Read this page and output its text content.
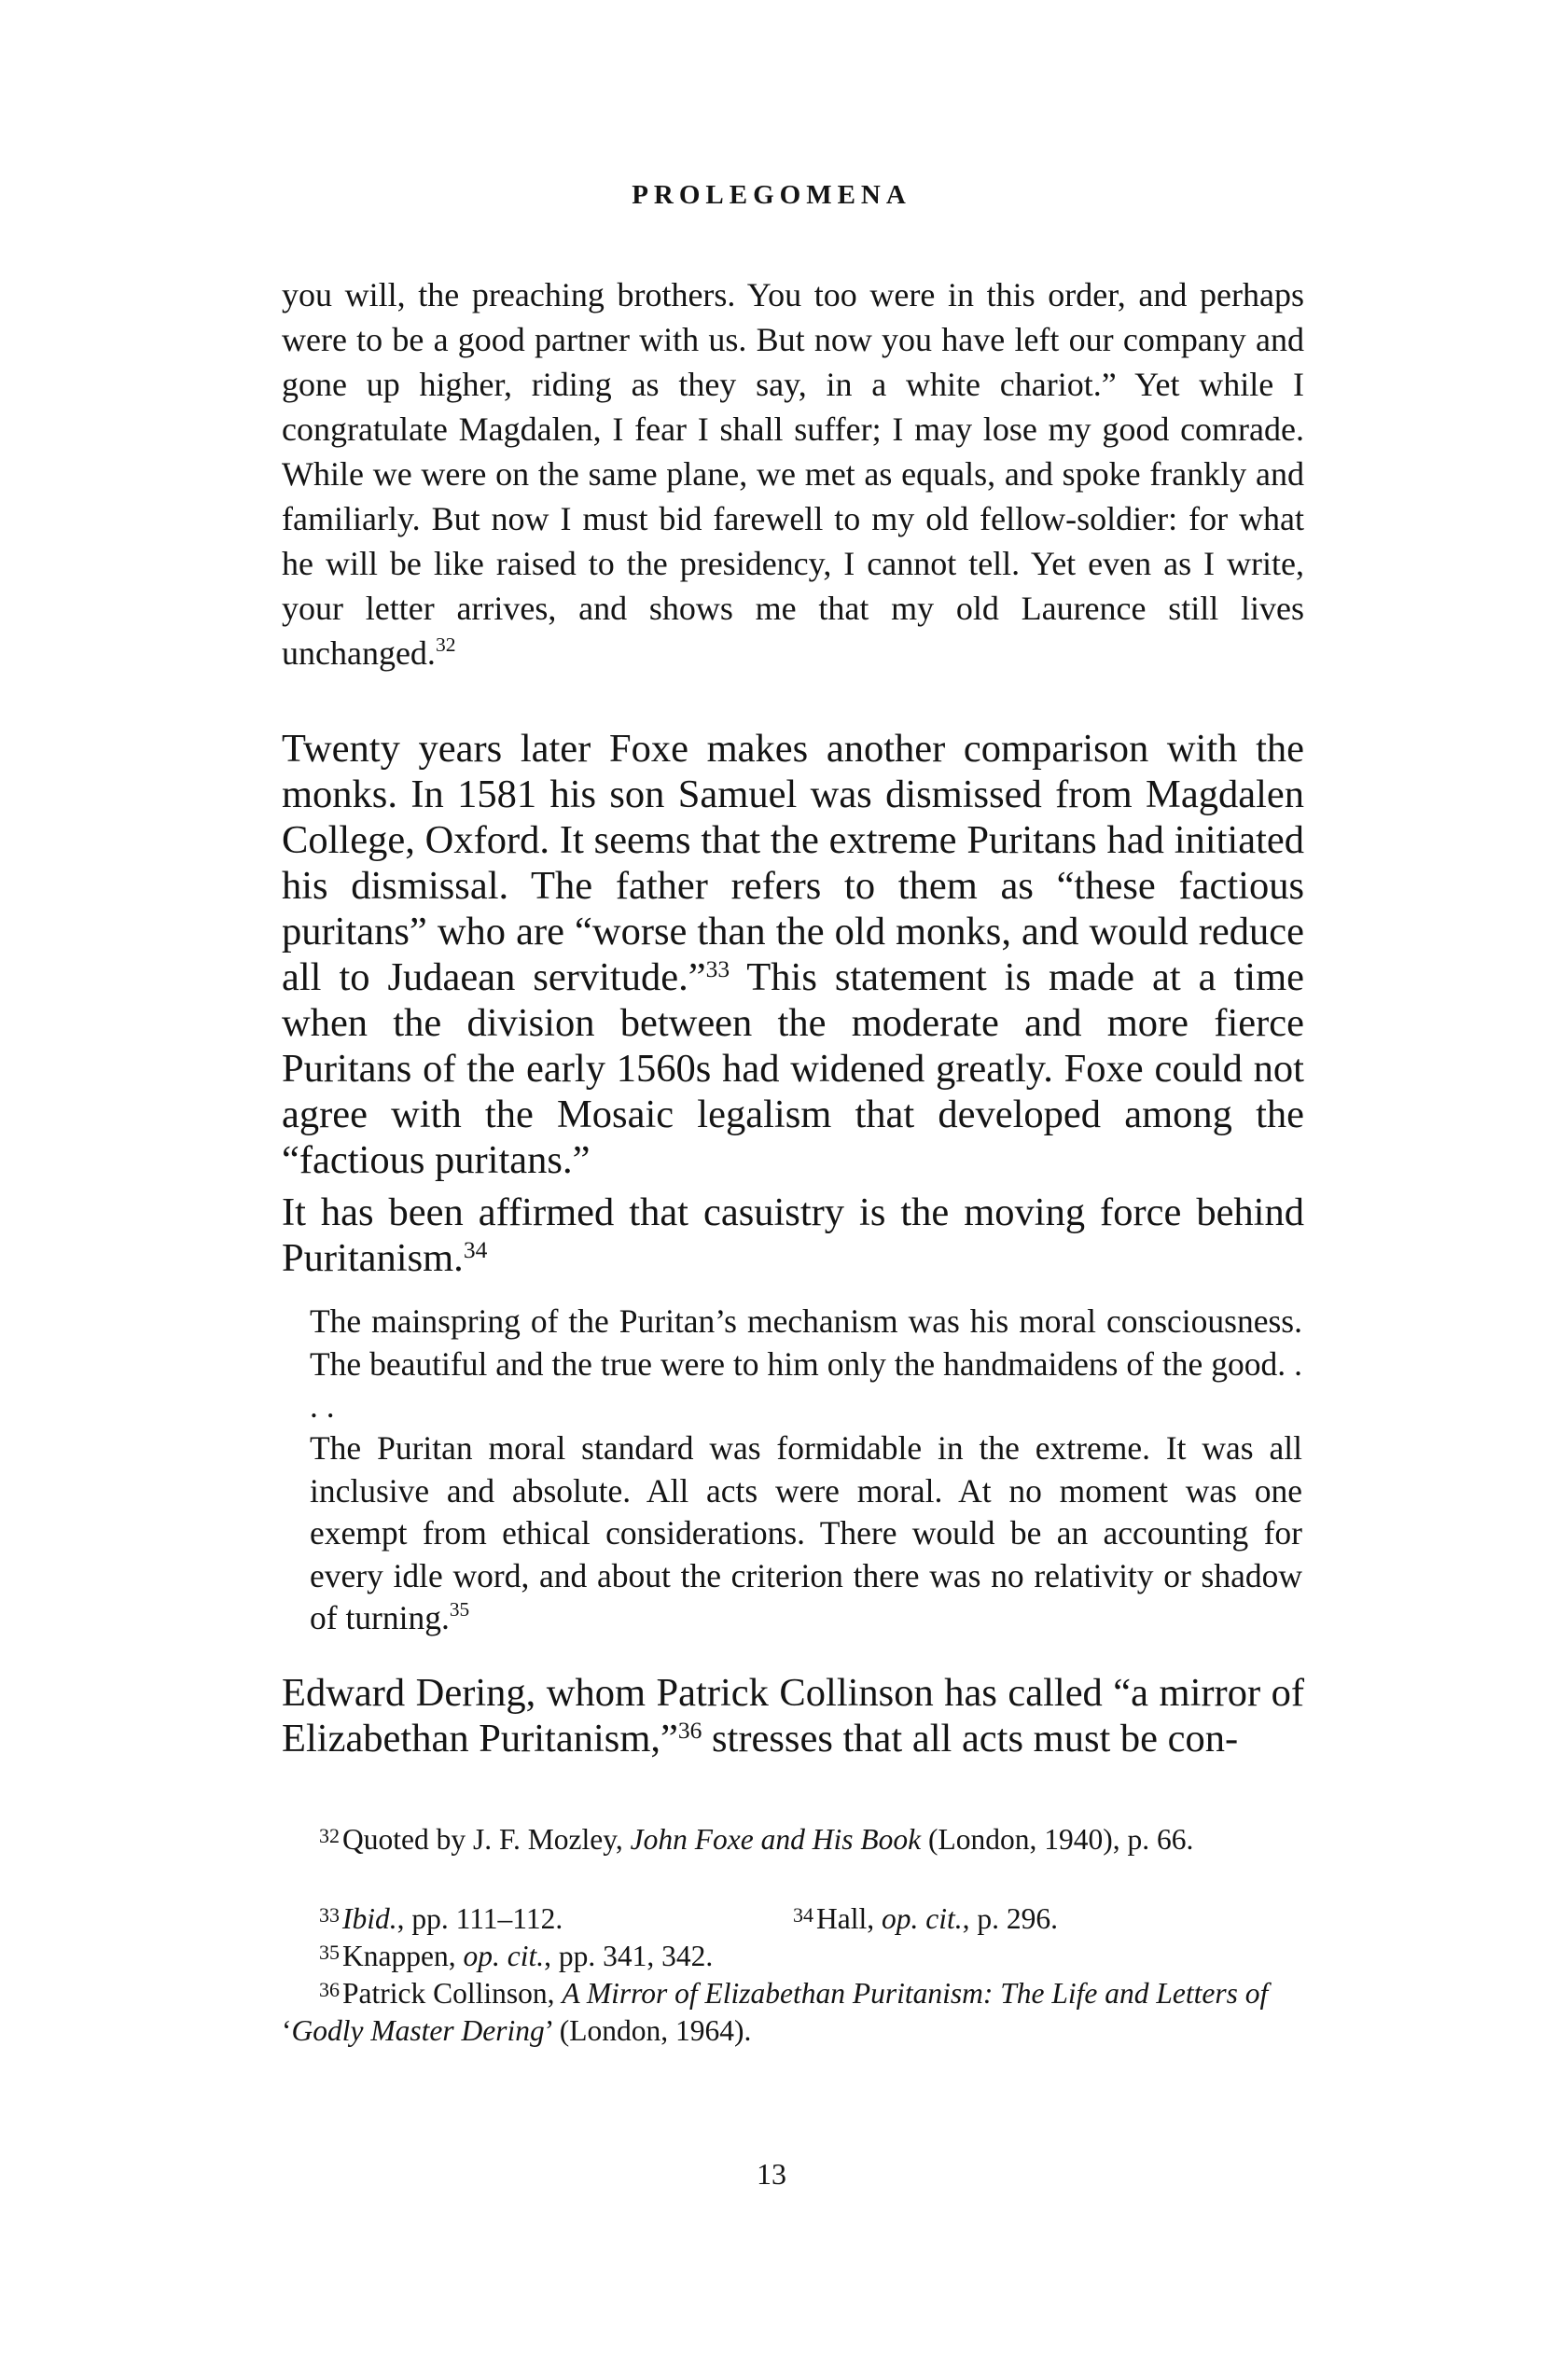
PROLEGOMENA

you will, the preaching brothers. You too were in this order, and perhaps were to be a good partner with us. But now you have left our company and gone up higher, riding as they say, in a white chariot.” Yet while I congratulate Magdalen, I fear I shall suffer; I may lose my good comrade. While we were on the same plane, we met as equals, and spoke frankly and familiarly. But now I must bid farewell to my old fellow-soldier: for what he will be like raised to the presidency, I cannot tell. Yet even as I write, your letter arrives, and shows me that my old Laurence still lives unchanged.$^{32}$

Twenty years later Foxe makes another comparison with the monks. In 1581 his son Samuel was dismissed from Magdalen College, Oxford. It seems that the extreme Puritans had initiated his dismissal. The father refers to them as “these factious puritans” who are “worse than the old monks, and would reduce all to Judaean servitude.”$^{33}$ This statement is made at a time when the division between the moderate and more fierce Puritans of the early 1560s had widened greatly. Foxe could not agree with the Mosaic legalism that developed among the “factious puritans.”

It has been affirmed that casuistry is the moving force behind Puritanism.$^{34}$

The mainspring of the Puritan’s mechanism was his moral consciousness. The beautiful and the true were to him only the handmaidens of the good. . . .

The Puritan moral standard was formidable in the extreme. It was all inclusive and absolute. All acts were moral. At no moment was one exempt from ethical considerations. There would be an accounting for every idle word, and about the criterion there was no relativity or shadow of turning.$^{35}$

Edward Dering, whom Patrick Collinson has called “a mirror of Elizabethan Puritanism,”$^{36}$ stresses that all acts must be con-

$^{32}$Quoted by J. F. Mozley, John Foxe and His Book (London, 1940), p. 66.

$^{33}$Ibid., pp. 111–112.	$^{34}$Hall, op. cit., p. 296.

$^{35}$Knappen, op. cit., pp. 341, 342.

$^{36}$Patrick Collinson, A Mirror of Elizabethan Puritanism: The Life and Letters of ‘Godly Master Dering’ (London, 1964).

13
